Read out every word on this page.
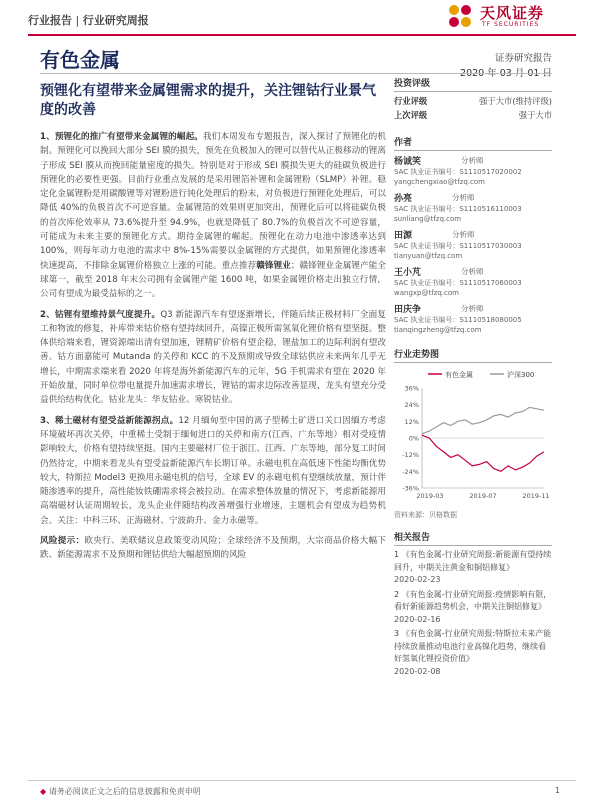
行业报告 | 行业研究周报	天风证券
TF SECURITIES
有色金属	证券研究报告
预锂化有望带来金属锂需求的提升，关注锂钴行业景气度的改善

1、预锂化的推广有望带来金属锂的崛起。我们本周发布专题报告，深入探讨了预锂化的机制。预锂化可以挽回大部分 SEI 膜的损失，预先在负极加入的锂可以替代从正极移动的锂离子形成 SEI 膜从而挽回能量密度的损失。特别是对于形成 SEI 膜损失更大的硅碳负极进行预锂化的必要性更强。目前行业重点发展的是采用锂箔补锂和金属锂粉（SLMP）补锂。稳定化金属锂粉是用碳酸锂等对锂粉进行钝化处理后的粉末，对负极进行预锂化处理后，可以降低 40%的负极首次不可逆容量。金属锂箔的效果则更加突出，预锂化后可以将硅碳负极的首次库伦效率从 73.6%提升至 94.9%，也就是降低了 80.7%的负极首次不可逆容量，可能成为未来主要的预锂化方式。期待金属锂的崛起。预锂化在动力电池中渗透率达到 100%，则每年动力电池的需求中 8%-15%需要以金属锂的方式提供，如果预锂化渗透率快速提高，不排除金属锂价格独立上涨的可能。重点推荐赣锋锂业；赣锋锂业金属锂产能全球第一，截至 2018 年末公司拥有金属锂产能 1600 吨，如果金属锂价格走出独立行情，公司有望成为最受益标的之一。

2、钴锂有望维持景气度提升。Q3 新能源汽车有望逐渐增长，伴随后续正极材料厂全面复工和物流的修复，补库带来钴价格有望持续回升，高镍正极所需氢氧化锂价格有望坚挺。整体供给端来看，锂资源端出清有望加速，锂精矿价格有望企稳，锂盐加工的边际利润有望改善。钴方面嘉能可 Mutanda 的关停和 KCC 的不及预期或导致全球钴供应未来两年几乎无增长，中期需求端来看 2020 年将是海外新能源汽车的元年，5G 手机需求有望在 2020 年开始放量，同时单位带电量提升加速需求增长，锂钴的需求边际改善显现，龙头有望充分受益供给结构优化。钴业龙头：华友钴业、寒锐钴业。

3、稀土磁材有望受益新能源拐点。12 月缅甸至中国的离子型稀土矿进口关口因缅方考虑环境破坏再次关停，中重稀土受制于缅甸进口的关停和南方(江西、广东等地）相对受疫情影响较大，价格有望持续坚挺。国内主要磁材厂位于浙江、江西、广东等地，部分复工时间仍然待定，中期来看龙头有望受益新能源汽车长期订单。永磁电机在高低速下性能均衡优势较大，特斯拉 Model3 更换用永磁电机的信号，全球 EV 的永磁电机有望继续放量，预计伴随渗透率的提升，高性能钕铁硼需求将会被拉动。在需求整体放量的情况下，考虑新能源用高端磁材认证周期较长，龙头企业伴随结构改善增强行业增速，主题机会有望成为趋势机会。关注：中科三环、正海磁材、宁波韵升、金力永磁等。

风险提示：欧央行、美联储议息政策变动风险；全球经济不及预期，大宗商品价格大幅下跌、新能源需求不及预期和锂钴供给大幅超预期的风险

投资评级
行业评级	强于大市(维持评级)
上次评级	强于大市
作者
杨诚笑	分析师
SAC 执业证书编号：S1110517020002
yangchengxiao@tfzq.com
孙亮	分析师
SAC 执业证书编号：S1110516110003
sunliang@tfzq.com
田源	分析师
SAC 执业证书编号：S1110517030003
tianyuan@tfzq.com
王小芃	分析师
SAC 执业证书编号：S1110517060003
wangxp@tfzq.com
田庆争	分析师
SAC 执业证书编号：S1110518080005
tianqingzheng@tfzq.com
行业走势图
有色金属	沪深300
36%
24%
12%
0%
-12%
-24%
-36%
2019-03	2019-07	2019-11
资料来源：贝格数据
相关报告
1 《有色金属-行业研究周报:新能源有望持续回升，中期关注黄金和铜铝修复》
2020-02-23
2 《有色金属-行业研究周报:疫情影响有限，看好新能源趋势机会，中期关注铜铝修复》
2020-02-16
3 《有色金属-行业研究周报:特斯拉未来产能持续放量推动电池行业高镍化趋势，继续看好氢氧化锂投资价值》
2020-02-08
◆ 请务必阅读正文之后的信息披露和免责申明	1
